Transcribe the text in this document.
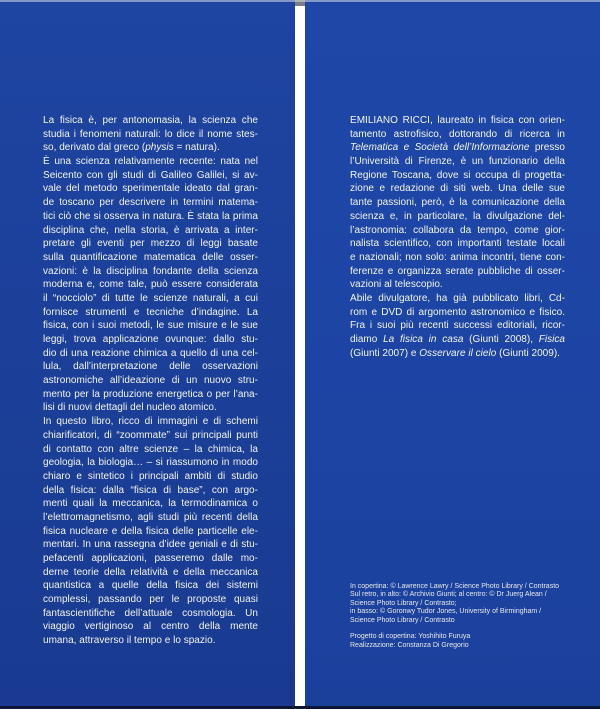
La fisica è, per antonomasia, la scienza che
studia i fenomeni naturali: lo dice il nome stes-
so, derivato dal greco (physis = natura).
È una scienza relativamente recente: nata nel
Seicento con gli studi di Galileo Galilei, si av-
vale del metodo sperimentale ideato dal gran-
de toscano per descrivere in termini matema-
tici ciò che si osserva in natura. È stata la prima
disciplina che, nella storia, è arrivata a inter-
pretare gli eventi per mezzo di leggi basate
sulla quantificazione matematica delle osser-
vazioni: è la disciplina fondante della scienza
moderna e, come tale, può essere considerata
il “nocciolo” di tutte le scienze naturali, a cui
fornisce strumenti e tecniche d’indagine. La
fisica, con i suoi metodi, le sue misure e le sue
leggi, trova applicazione ovunque: dallo stu-
dio di una reazione chimica a quello di una cel-
lula, dall’interpretazione delle osservazioni
astronomiche all’ideazione di un nuovo stru-
mento per la produzione energetica o per l’ana-
lisi di nuovi dettagli del nucleo atomico.
In questo libro, ricco di immagini e di schemi
chiarificatori, di “zoommate” sui principali punti
di contatto con altre scienze – la chimica, la
geologia, la biologia… – si riassumono in modo
chiaro e sintetico i principali ambiti di studio
della fisica: dalla “fisica di base”, con argo-
menti quali la meccanica, la termodinamica o
l’elettromagnetismo, agli studi più recenti della
fisica nucleare e della fisica delle particelle ele-
mentari. In una rassegna d’idee geniali e di stu-
pefacenti applicazioni, passeremo dalle mo-
derne teorie della relatività e della meccanica
quantistica a quelle della fisica dei sistemi
complessi, passando per le proposte quasi
fantascientifiche dell’attuale cosmologia. Un
viaggio vertiginoso al centro della mente
umana, attraverso il tempo e lo spazio.
EMILIANO RICCI, laureato in fisica con orien-
tamento astrofisico, dottorando di ricerca in
Telematica e Società dell’Informazione presso
l’Università di Firenze, è un funzionario della
Regione Toscana, dove si occupa di progetta-
zione e redazione di siti web. Una delle sue
tante passioni, però, è la comunicazione della
scienza e, in particolare, la divulgazione del-
l’astronomia: collabora da tempo, come gior-
nalista scientifico, con importanti testate locali
e nazionali; non solo: anima incontri, tiene con-
ferenze e organizza serate pubbliche di osser-
vazioni al telescopio.
Abile divulgatore, ha già pubblicato libri, Cd-
rom e DVD di argomento astronomico e fisico.
Fra i suoi più recenti successi editoriali, ricor-
diamo La fisica in casa (Giunti 2008), Fisica
(Giunti 2007) e Osservare il cielo (Giunti 2009).
In copertina: © Lawrence Lawry / Science Photo Library / Contrasto
Sul retro, in alto: © Archivio Giunti; al centro: © Dr Juerg Alean /
Science Photo Library / Contrasto;
in basso: © Goronwy Tudor Jones, University of Birmingham /
Science Photo Library / Contrasto

Progetto di copertina: Yoshihito Furuya
Realizzazione: Constanza Di Gregorio
